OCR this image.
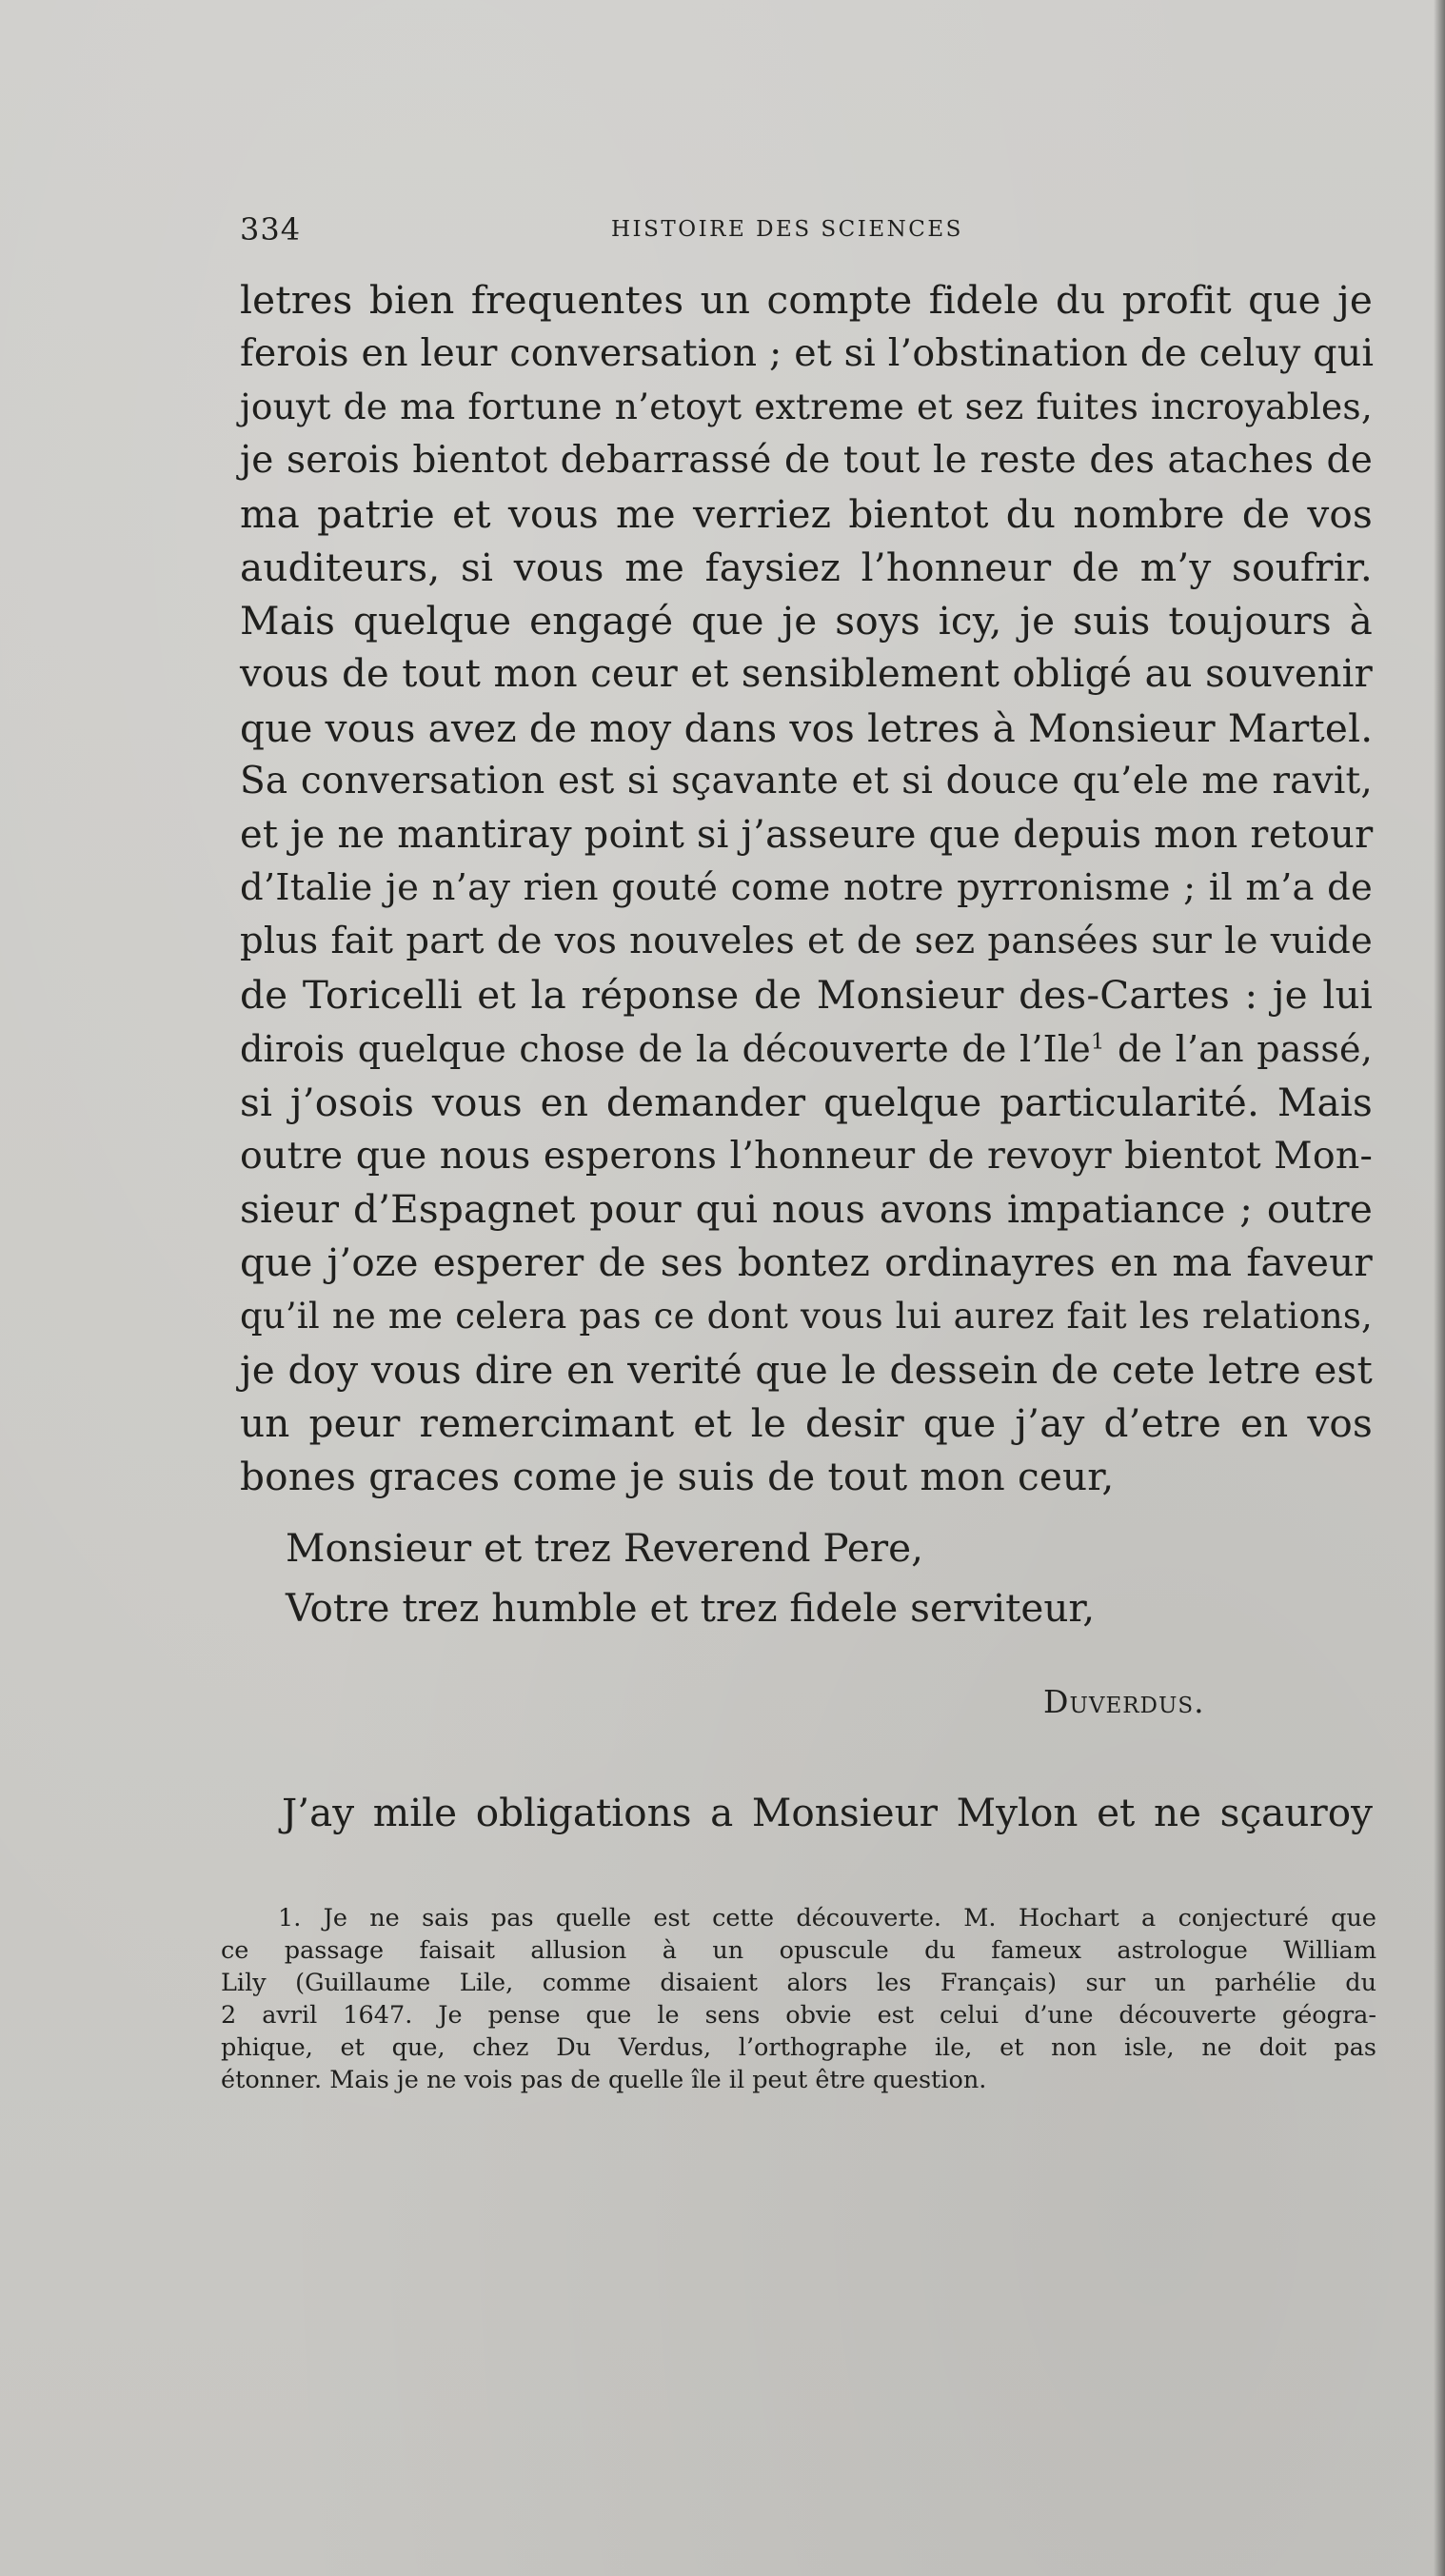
334	HISTOIRE DES SCIENCES
letres bien frequentes un compte fidele du profit que je
ferois en leur conversation ; et si l’obstination de celuy qui
jouyt de ma fortune n’etoyt extreme et sez fuites incroyables,
je serois bientot debarrassé de tout le reste des ataches de
ma patrie et vous me verriez bientot du nombre de vos
auditeurs, si vous me faysiez l’honneur de m’y soufrir.
Mais quelque engagé que je soys icy, je suis toujours à
vous de tout mon ceur et sensiblement obligé au souvenir
que vous avez de moy dans vos letres à Monsieur Martel.
Sa conversation est si sçavante et si douce qu’ele me ravit,
et je ne mantiray point si j’asseure que depuis mon retour
d’Italie je n’ay rien gouté come notre pyrronisme ; il m’a de
plus fait part de vos nouveles et de sez pansées sur le vuide
de Toricelli et la réponse de Monsieur des-Cartes : je lui
dirois quelque chose de la découverte de l’Ile$^1$ de l’an passé,
si j’osois vous en demander quelque particularité. Mais
outre que nous esperons l’honneur de revoyr bientot Mon-
sieur d’Espagnet pour qui nous avons impatiance ; outre
que j’oze esperer de ses bontez ordinayres en ma faveur
qu’il ne me celera pas ce dont vous lui aurez fait les relations,
je doy vous dire en verité que le dessein de cete letre est
un peur remercimant et le desir que j’ay d’etre en vos
bones graces come je suis de tout mon ceur,
Monsieur et trez Reverend Pere,
Votre trez humble et trez fidele serviteur,
Duverdus.
J’ay mile obligations a Monsieur Mylon et ne sçauroy
1. Je ne sais pas quelle est cette découverte. M. Hochart a conjecturé que
ce passage faisait allusion à un opuscule du fameux astrologue William
Lily (Guillaume Lile, comme disaient alors les Français) sur un parhélie du
2 avril 1647. Je pense que le sens obvie est celui d’une découverte géogra-
phique, et que, chez Du Verdus, l’orthographe ile, et non isle, ne doit pas
étonner. Mais je ne vois pas de quelle île il peut être question.
